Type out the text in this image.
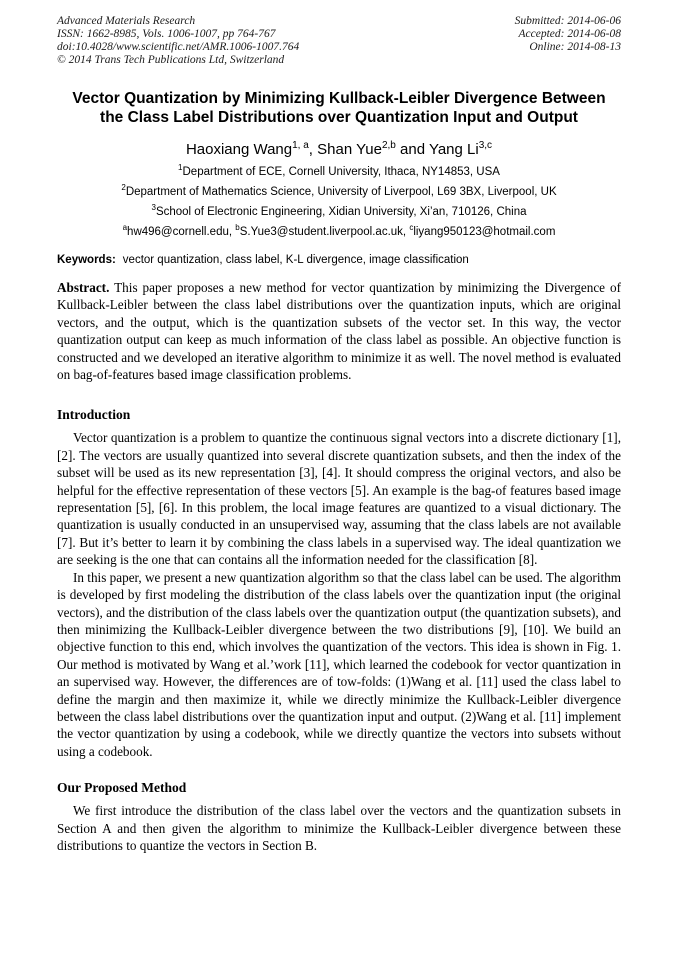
Advanced Materials Research
ISSN: 1662-8985, Vols. 1006-1007, pp 764-767
doi:10.4028/www.scientific.net/AMR.1006-1007.764
© 2014 Trans Tech Publications Ltd, Switzerland
Submitted: 2014-06-06
Accepted: 2014-06-08
Online: 2014-08-13
Vector Quantization by Minimizing Kullback-Leibler Divergence Between the Class Label Distributions over Quantization Input and Output
Haoxiang Wang$^{1, a}$, Shan Yue$^{2,b}$ and Yang Li$^{3,c}$
$^1$Department of ECE, Cornell University, Ithaca, NY14853, USA
$^2$Department of Mathematics Science, University of Liverpool, L69 3BX, Liverpool, UK
$^3$School of Electronic Engineering, Xidian University, Xi’an, 710126, China
$^a$hw496@cornell.edu, $^b$S.Yue3@student.liverpool.ac.uk, $^c$liyang950123@hotmail.com
Keywords: vector quantization, class label, K-L divergence, image classification

Abstract. This paper proposes a new method for vector quantization by minimizing the Divergence of Kullback-Leibler between the class label distributions over the quantization inputs, which are original vectors, and the output, which is the quantization subsets of the vector set. In this way, the vector quantization output can keep as much information of the class label as possible. An objective function is constructed and we developed an iterative algorithm to minimize it as well. The novel method is evaluated on bag-of-features based image classification problems.

Introduction

Vector quantization is a problem to quantize the continuous signal vectors into a discrete dictionary [1], [2]. The vectors are usually quantized into several discrete quantization subsets, and then the index of the subset will be used as its new representation [3], [4]. It should compress the original vectors, and also be helpful for the effective representation of these vectors [5]. An example is the bag-of features based image representation [5], [6]. In this problem, the local image features are quantized to a visual dictionary. The quantization is usually conducted in an unsupervised way, assuming that the class labels are not available [7]. But it’s better to learn it by combining the class labels in a supervised way. The ideal quantization we are seeking is the one that can contains all the information needed for the classification [8].

In this paper, we present a new quantization algorithm so that the class label can be used. The algorithm is developed by first modeling the distribution of the class labels over the quantization input (the original vectors), and the distribution of the class labels over the quantization output (the quantization subsets), and then minimizing the Kullback-Leibler divergence between the two distributions [9], [10]. We build an objective function to this end, which involves the quantization of the vectors. This idea is shown in Fig. 1. Our method is motivated by Wang et al.’work [11], which learned the codebook for vector quantization in an supervised way. However, the differences are of tow-folds: (1)Wang et al. [11] used the class label to define the margin and then maximize it, while we directly minimize the Kullback-Leibler divergence between the class label distributions over the quantization input and output. (2)Wang et al. [11] implement the vector quantization by using a codebook, while we directly quantize the vectors into subsets without using a codebook.

Our Proposed Method

We first introduce the distribution of the class label over the vectors and the quantization subsets in Section A and then given the algorithm to minimize the Kullback-Leibler divergence between these distributions to quantize the vectors in Section B.
